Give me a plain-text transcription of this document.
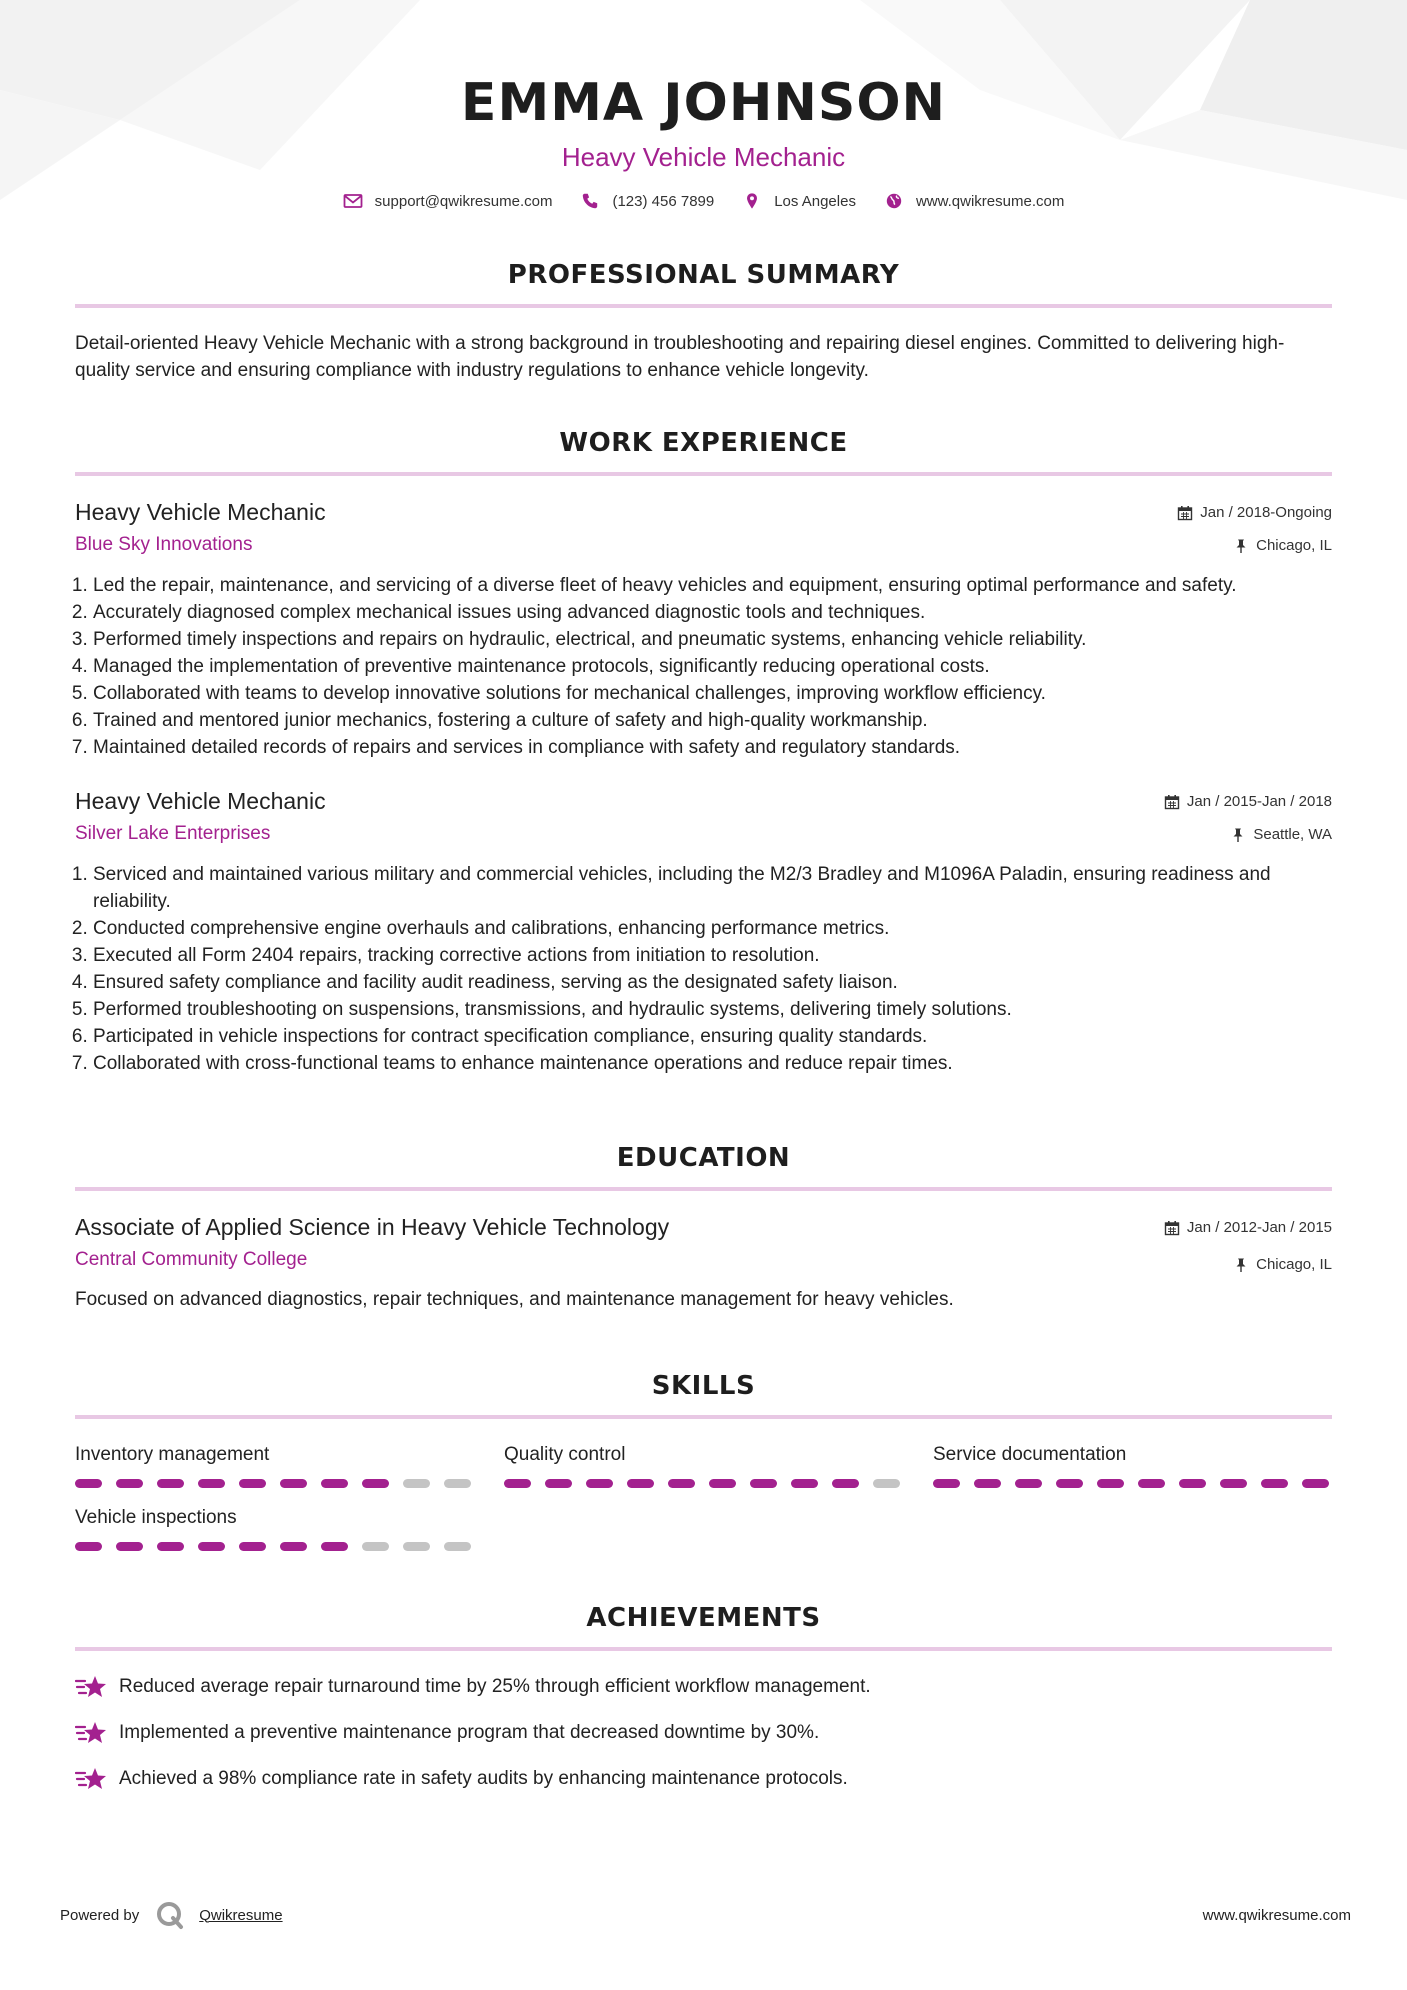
EMMA JOHNSON
Heavy Vehicle Mechanic
support@qwikresume.com	(123) 456 7899	Los Angeles	www.qwikresume.com
PROFESSIONAL SUMMARY
Detail-oriented Heavy Vehicle Mechanic with a strong background in troubleshooting and repairing diesel engines. Committed to delivering high-quality service and ensuring compliance with industry regulations to enhance vehicle longevity.
WORK EXPERIENCE
Heavy Vehicle Mechanic
Blue Sky Innovations
Jan / 2018-Ongoing
Chicago, IL
1. Led the repair, maintenance, and servicing of a diverse fleet of heavy vehicles and equipment, ensuring optimal performance and safety.
2. Accurately diagnosed complex mechanical issues using advanced diagnostic tools and techniques.
3. Performed timely inspections and repairs on hydraulic, electrical, and pneumatic systems, enhancing vehicle reliability.
4. Managed the implementation of preventive maintenance protocols, significantly reducing operational costs.
5. Collaborated with teams to develop innovative solutions for mechanical challenges, improving workflow efficiency.
6. Trained and mentored junior mechanics, fostering a culture of safety and high-quality workmanship.
7. Maintained detailed records of repairs and services in compliance with safety and regulatory standards.
Heavy Vehicle Mechanic
Silver Lake Enterprises
Jan / 2015-Jan / 2018
Seattle, WA
1. Serviced and maintained various military and commercial vehicles, including the M2/3 Bradley and M1096A Paladin, ensuring readiness and reliability.
2. Conducted comprehensive engine overhauls and calibrations, enhancing performance metrics.
3. Executed all Form 2404 repairs, tracking corrective actions from initiation to resolution.
4. Ensured safety compliance and facility audit readiness, serving as the designated safety liaison.
5. Performed troubleshooting on suspensions, transmissions, and hydraulic systems, delivering timely solutions.
6. Participated in vehicle inspections for contract specification compliance, ensuring quality standards.
7. Collaborated with cross-functional teams to enhance maintenance operations and reduce repair times.
EDUCATION
Associate of Applied Science in Heavy Vehicle Technology
Central Community College
Jan / 2012-Jan / 2015
Chicago, IL
Focused on advanced diagnostics, repair techniques, and maintenance management for heavy vehicles.
SKILLS
Inventory management	Quality control	Service documentation
Vehicle inspections
ACHIEVEMENTS
Reduced average repair turnaround time by 25% through efficient workflow management.
Implemented a preventive maintenance program that decreased downtime by 30%.
Achieved a 98% compliance rate in safety audits by enhancing maintenance protocols.
Powered by	Qwikresume	www.qwikresume.com
